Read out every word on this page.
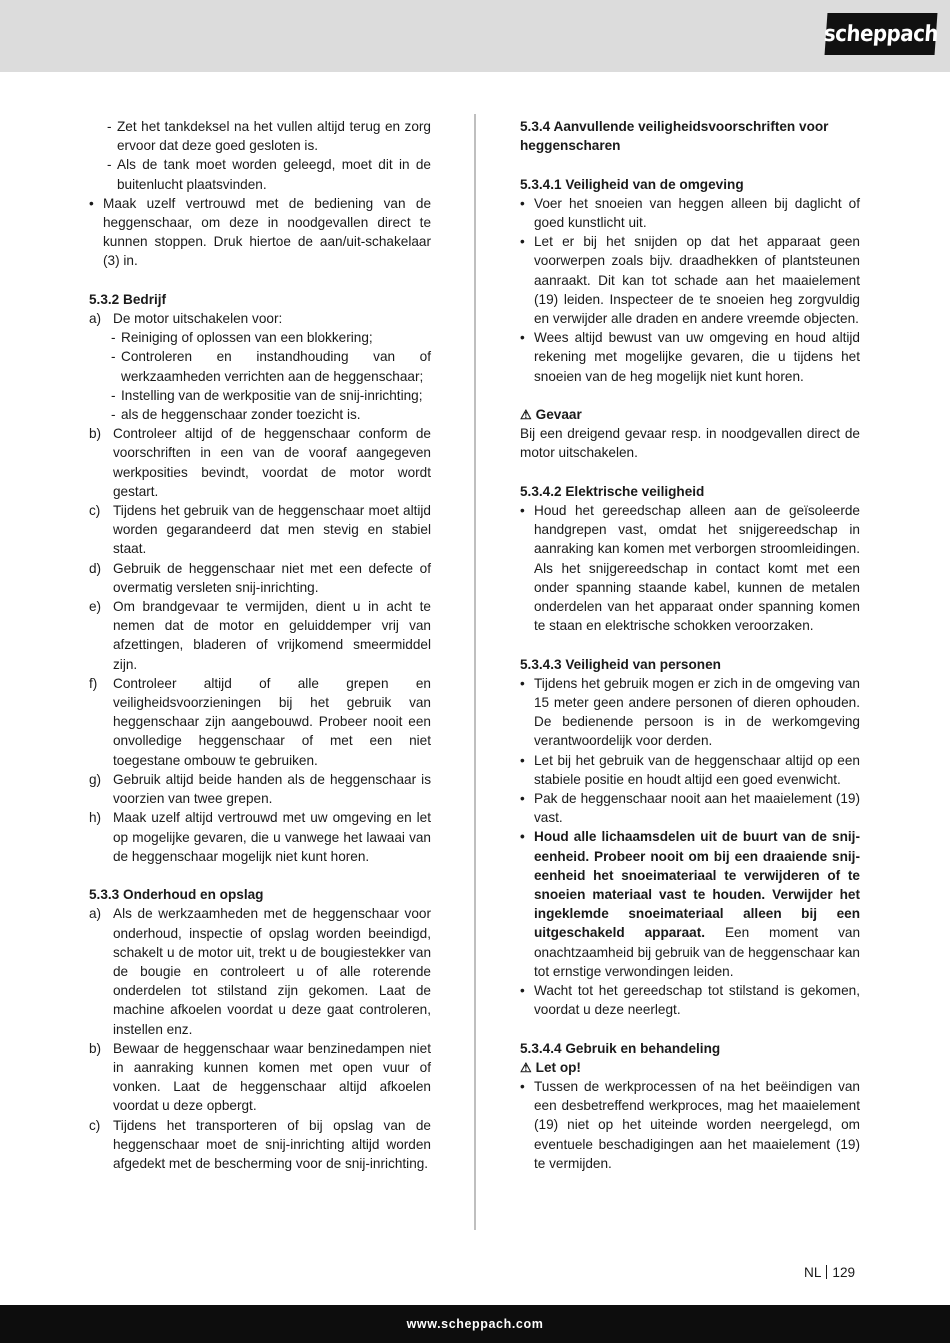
scheppach
- Zet het tankdeksel na het vullen altijd terug en zorg ervoor dat deze goed gesloten is.
- Als de tank moet worden geleegd, moet dit in de buitenlucht plaatsvinden.
• Maak uzelf vertrouwd met de bediening van de heggenschaar, om deze in noodgevallen direct te kunnen stoppen. Druk hiertoe de aan/uit-schakelaar (3) in.
5.3.2 Bedrijf
a) De motor uitschakelen voor:
- Reiniging of oplossen van een blokkering;
- Controleren en instandhouding van of werkzaamheden verrichten aan de heggenschaar;
- Instelling van de werkpositie van de snij-inrichting;
- als de heggenschaar zonder toezicht is.
b) Controleer altijd of de heggenschaar conform de voorschriften in een van de vooraf aangegeven werkposities bevindt, voordat de motor wordt gestart.
c) Tijdens het gebruik van de heggenschaar moet altijd worden gegarandeerd dat men stevig en stabiel staat.
d) Gebruik de heggenschaar niet met een defecte of overmatig versleten snij-inrichting.
e) Om brandgevaar te vermijden, dient u in acht te nemen dat de motor en geluiddemper vrij van afzettingen, bladeren of vrijkomend smeermiddel zijn.
f)	Controleer altijd of alle grepen en veiligheidsvoorzieningen bij het gebruik van heggenschaar zijn aangebouwd. Probeer nooit een onvolledige heggenschaar of met een niet toegestane ombouw te gebruiken.
g) Gebruik altijd beide handen als de heggenschaar is voorzien van twee grepen.
h) Maak uzelf altijd vertrouwd met uw omgeving en let op mogelijke gevaren, die u vanwege het lawaai van de heggenschaar mogelijk niet kunt horen.
5.3.3 Onderhoud en opslag
a) Als de werkzaamheden met de heggenschaar voor onderhoud, inspectie of opslag worden beeindigd, schakelt u de motor uit, trekt u de bougiestekker van de bougie en controleert u of alle roterende onderdelen tot stilstand zijn gekomen. Laat de machine afkoelen voordat u deze gaat controleren, instellen enz.
b) Bewaar de heggenschaar waar benzinedampen niet in aanraking kunnen komen met open vuur of vonken. Laat de heggenschaar altijd afkoelen voordat u deze opbergt.
c) Tijdens het transporteren of bij opslag van de heggenschaar moet de snij-inrichting altijd worden afgedekt met de bescherming voor de snij-inrichting.
5.3.4 Aanvullende veiligheidsvoorschriften voor heggenscharen
5.3.4.1 Veiligheid van de omgeving
• Voer het snoeien van heggen alleen bij daglicht of goed kunstlicht uit.
• Let er bij het snijden op dat het apparaat geen voorwerpen zoals bijv. draadhekken of plantsteunen aanraakt. Dit kan tot schade aan het maaielement (19) leiden. Inspecteer de te snoeien heg zorgvuldig en verwijder alle draden en andere vreemde objecten.
• Wees altijd bewust van uw omgeving en houd altijd rekening met mogelijke gevaren, die u tijdens het snoeien van de heg mogelijk niet kunt horen.
⚠ Gevaar
Bij een dreigend gevaar resp. in noodgevallen direct de motor uitschakelen.
5.3.4.2 Elektrische veiligheid
• Houd het gereedschap alleen aan de geïsoleerde handgrepen vast, omdat het snijgereedschap in aanraking kan komen met verborgen stroomleidingen. Als het snijgereedschap in contact komt met een onder spanning staande kabel, kunnen de metalen onderdelen van het apparaat onder spanning komen te staan en elektrische schokken veroorzaken.
5.3.4.3 Veiligheid van personen
• Tijdens het gebruik mogen er zich in de omgeving van 15 meter geen andere personen of dieren ophouden. De bedienende persoon is in de werkomgeving verantwoordelijk voor derden.
• Let bij het gebruik van de heggenschaar altijd op een stabiele positie en houdt altijd een goed evenwicht.
• Pak de heggenschaar nooit aan het maaielement (19) vast.
• Houd alle lichaamsdelen uit de buurt van de snij-eenheid. Probeer nooit om bij een draaiende snij-eenheid het snoeimateriaal te verwijderen of te snoeien materiaal vast te houden. Verwijder het ingeklemde snoeimateriaal alleen bij een uitgeschakeld apparaat. Een moment van onachtzaamheid bij gebruik van de heggenschaar kan tot ernstige verwondingen leiden.
• Wacht tot het gereedschap tot stilstand is gekomen, voordat u deze neerlegt.
5.3.4.4 Gebruik en behandeling
⚠ Let op!
• Tussen de werkprocessen of na het beëindigen van een desbetreffend werkproces, mag het maaielement (19) niet op het uiteinde worden neergelegd, om eventuele beschadigingen aan het maaielement (19) te vermijden.
NL 129
www.scheppach.com
